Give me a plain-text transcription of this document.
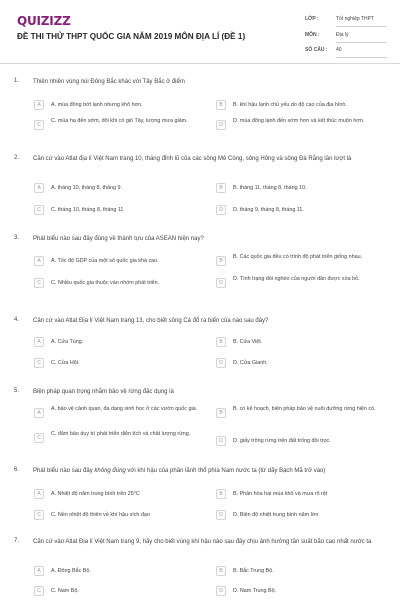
QUIZIZZ
ĐỀ THI THỬ THPT QUỐC GIA NĂM 2019 MÔN ĐỊA LÍ (ĐỀ 1)
LỚP :	Tốt nghiệp THPT
MÔN :	Địa lý
SỐ CÂU : 40
1. Thiên nhiên vùng núi Đông Bắc khác với Tây Bắc ở điểm
A	A. mùa đông bớt lạnh nhưng khô hơn.	B	B. khí hậu lạnh chủ yếu do độ cao của địa hình.
C
C. mùa hạ đến sớm, đôi khi có gió Tây, lượng mưa giảm.
D
D. mùa đông lạnh đến sớm hơn và kết thúc muộn hơn.
2. Căn cứ vào Atlat địa lí Việt Nam trang 10, tháng đỉnh lũ của các sông Mê Công, sông Hồng và sông Đà Rằng lần lượt là
A	A. tháng 10, tháng 8, tháng 9.	B	B. tháng 11, tháng 8, tháng 10.
C	C. tháng 10, tháng 8, tháng 11	D	D. tháng 9, tháng 8, tháng 11.
3. Phát biểu nào sau đây đúng về thành tựu của ASEAN hiện nay?
A	A. Tốc độ GDP của một số quốc gia khá cao.	B
B. Các quốc gia đều có trình độ phát triển giống nhau.
C	C. Nhiều quốc gia thuộc vào nhóm phát triển.	D
D. Tình trạng đói nghèo của người dân được xóa bỏ.
4. Căn cứ vào Atlat Địa lí Việt Nam trang 13, cho biết sông Cả đổ ra biển của nào sau đây?
A	A. Cửa Tùng.	B	B. Cửa Việt.
C	C. Cửa Hội.	D	D. Cửa Gianh.
5. Biện pháp quan trọng nhằm bảo vệ rừng đặc dụng là
A
A. bảo vệ cảnh quan, đa dạng sinh học ở các vườn quốc gia.
B
B. có kế hoạch, biện pháp bảo vệ nuôi dưỡng rừng hiện có.
C
C. đảm bảo duy trì phát triển diện tích và chất lượng rừng.
D	D. giấy trồng rừng trên đất trống đồi trọc.
6. Phát biểu nào sau đây không đúng với khí hậu của phần lãnh thổ phía Nam nước ta (từ dãy Bạch Mã trở vào)
A	A. Nhiệt độ năm trung bình trên 25°C	B	B. Phân hóa hai mùa khô và mưa rõ rệt
C	C. Nền nhiệt độ thiên về khí hậu xích đạo	D	D. Biên độ nhiệt trung bình năm lớn
7. Căn cứ vào Atlat Địa lí Việt Nam trang 9, hãy cho biết vùng khí hậu nào sau đây chịu ảnh hưởng tần suất bão cao nhất nước ta
A	A. Đông Bắc Bộ.	B	B. Bắc Trung Bộ.
C	C. Nam Bộ.	D	D. Nam Trung Bộ.
